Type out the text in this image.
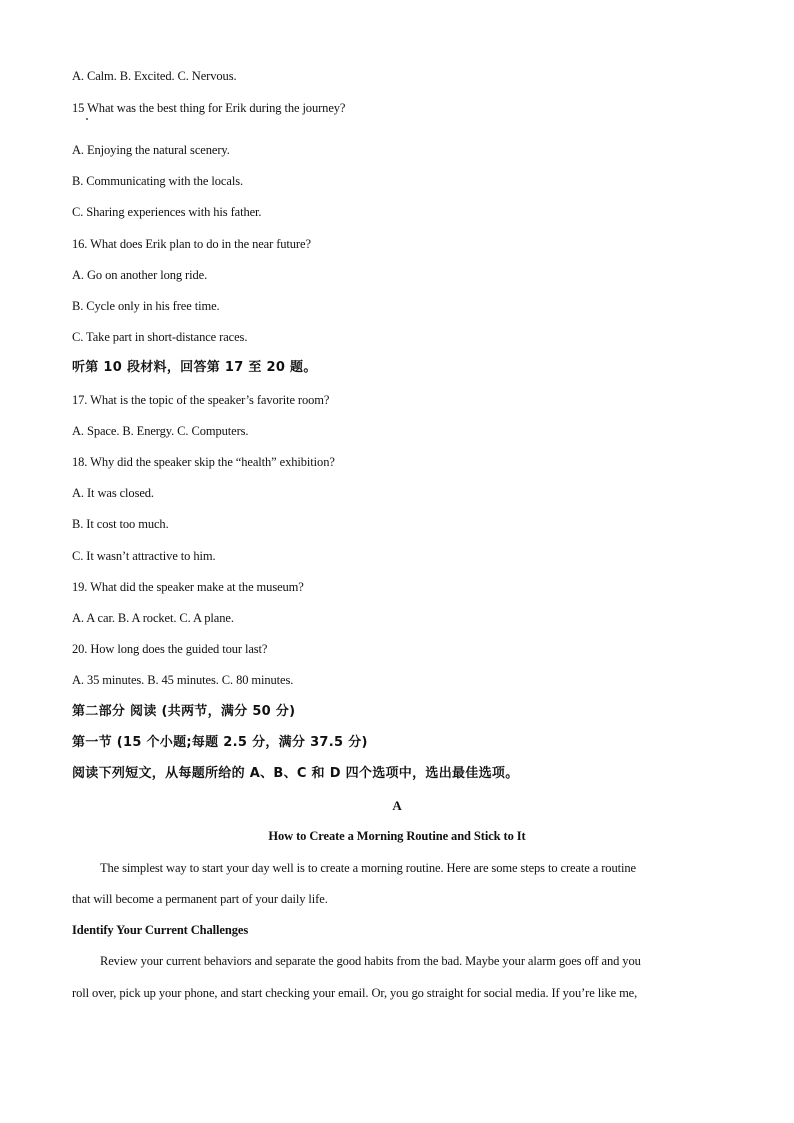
A. Calm. B. Excited. C. Nervous.
15 What was the best thing for Erik during the journey?
A. Enjoying the natural scenery.
B. Communicating with the locals.
C. Sharing experiences with his father.
16. What does Erik plan to do in the near future?
A. Go on another long ride.
B. Cycle only in his free time.
C. Take part in short-distance races.
听第 10 段材料，回答第 17 至 20 题。
17. What is the topic of the speaker’s favorite room?
A. Space. B. Energy. C. Computers.
18. Why did the speaker skip the “health” exhibition?
A. It was closed.
B. It cost too much.
C. It wasn’t attractive to him.
19. What did the speaker make at the museum?
A. A car. B. A rocket. C. A plane.
20. How long does the guided tour last?
A. 35 minutes. B. 45 minutes. C. 80 minutes.
第二部分 阅读 (共两节，满分 50 分)
第一节 (15 个小题;每题 2.5 分，满分 37.5 分)
阅读下列短文，从每题所给的 A、B、C 和 D 四个选项中，选出最佳选项。
A
How to Create a Morning Routine and Stick to It
The simplest way to start your day well is to create a morning routine. Here are some steps to create a routine
that will become a permanent part of your daily life.
Identify Your Current Challenges
Review your current behaviors and separate the good habits from the bad. Maybe your alarm goes off and you
roll over, pick up your phone, and start checking your email. Or, you go straight for social media. If you’re like me,
